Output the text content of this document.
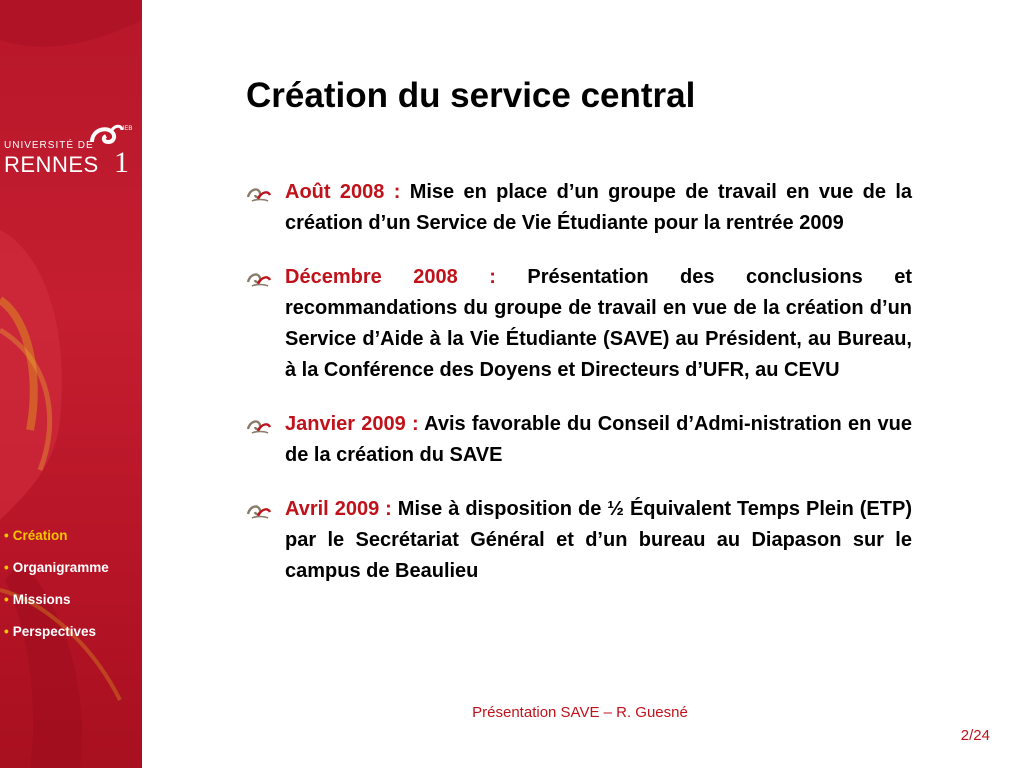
UNIVERSITÉ DE
RENNES 1
UEB
• Création
• Organigramme
• Missions
• Perspectives
Création du service central
Août 2008 : Mise en place d’un groupe de travail en vue de la création d’un Service de Vie Étudiante pour la rentrée 2009
Décembre 2008 : Présentation des conclusions et recommandations du groupe de travail en vue de la création d’un Service d’Aide à la Vie Étudiante (SAVE) au Président, au Bureau, à la Conférence des Doyens et Directeurs d’UFR, au CEVU
Janvier 2009 : Avis favorable du Conseil d’Admi-nistration en vue de la création du SAVE
Avril 2009 : Mise à disposition de ½ Équivalent Temps Plein (ETP) par le Secrétariat Général et d’un bureau au Diapason sur le campus de Beaulieu
Présentation SAVE – R. Guesné
2/24
